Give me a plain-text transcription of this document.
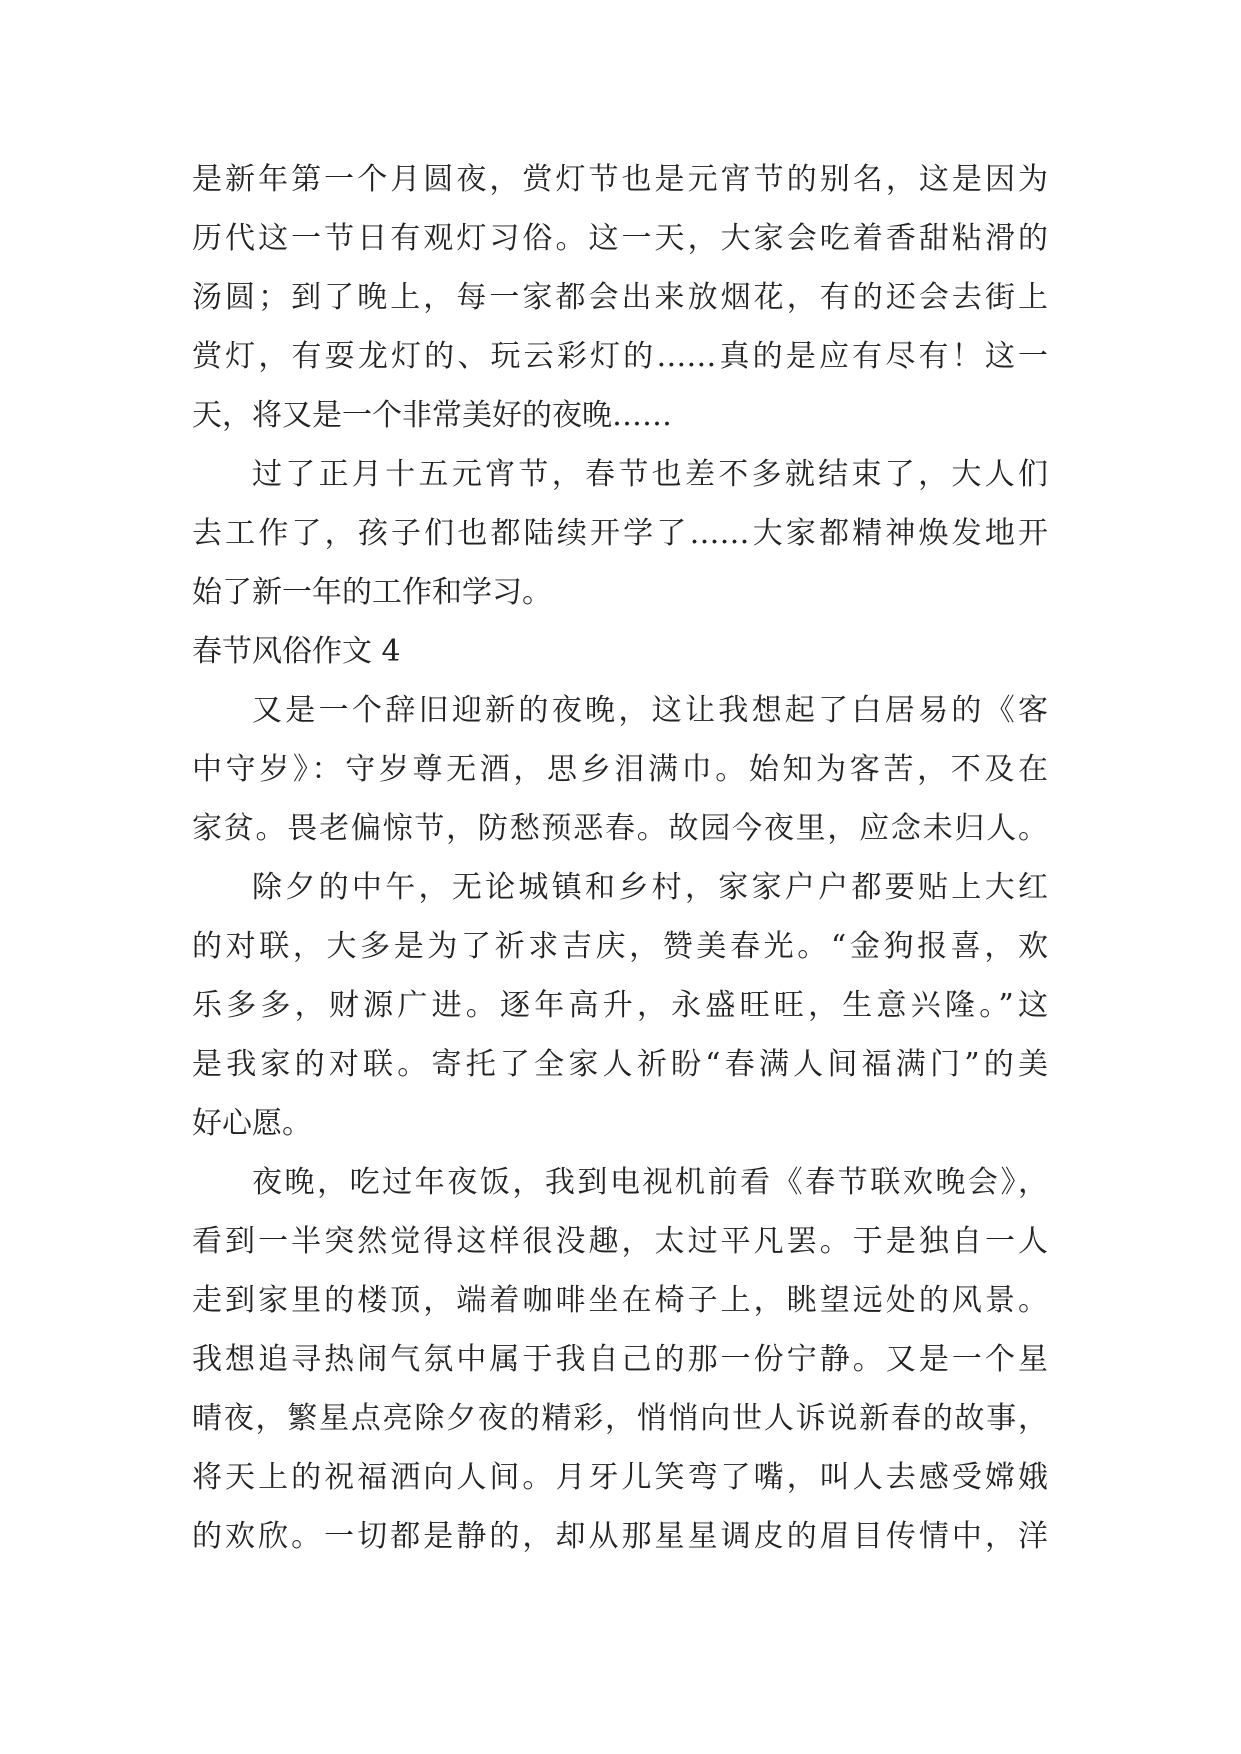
是新年第一个月圆夜，赏灯节也是元宵节的别名，这是因为
历代这一节日有观灯习俗。这一天，大家会吃着香甜粘滑的
汤圆；到了晚上，每一家都会出来放烟花，有的还会去街上
赏灯，有耍龙灯的、玩云彩灯的……真的是应有尽有！这一
天，将又是一个非常美好的夜晚……
过了正月十五元宵节，春节也差不多就结束了，大人们
去工作了，孩子们也都陆续开学了……大家都精神焕发地开
始了新一年的工作和学习。
春节风俗作文 4
又是一个辞旧迎新的夜晚，这让我想起了白居易的《客
中守岁》：守岁尊无酒，思乡泪满巾。始知为客苦，不及在
家贫。畏老偏惊节，防愁预恶春。故园今夜里，应念未归人。
除夕的中午，无论城镇和乡村，家家户户都要贴上大红
的对联，大多是为了祈求吉庆，赞美春光。“金狗报喜，欢
乐多多，财源广进。逐年高升，永盛旺旺，生意兴隆。”这
是我家的对联。寄托了全家人祈盼“春满人间福满门”的美
好心愿。
夜晚，吃过年夜饭，我到电视机前看《春节联欢晚会》，
看到一半突然觉得这样很没趣，太过平凡罢。于是独自一人
走到家里的楼顶，端着咖啡坐在椅子上，眺望远处的风景。
我想追寻热闹气氛中属于我自己的那一份宁静。又是一个星
晴夜，繁星点亮除夕夜的精彩，悄悄向世人诉说新春的故事，
将天上的祝福洒向人间。月牙儿笑弯了嘴，叫人去感受嫦娥
的欢欣。一切都是静的，却从那星星调皮的眉目传情中，洋
